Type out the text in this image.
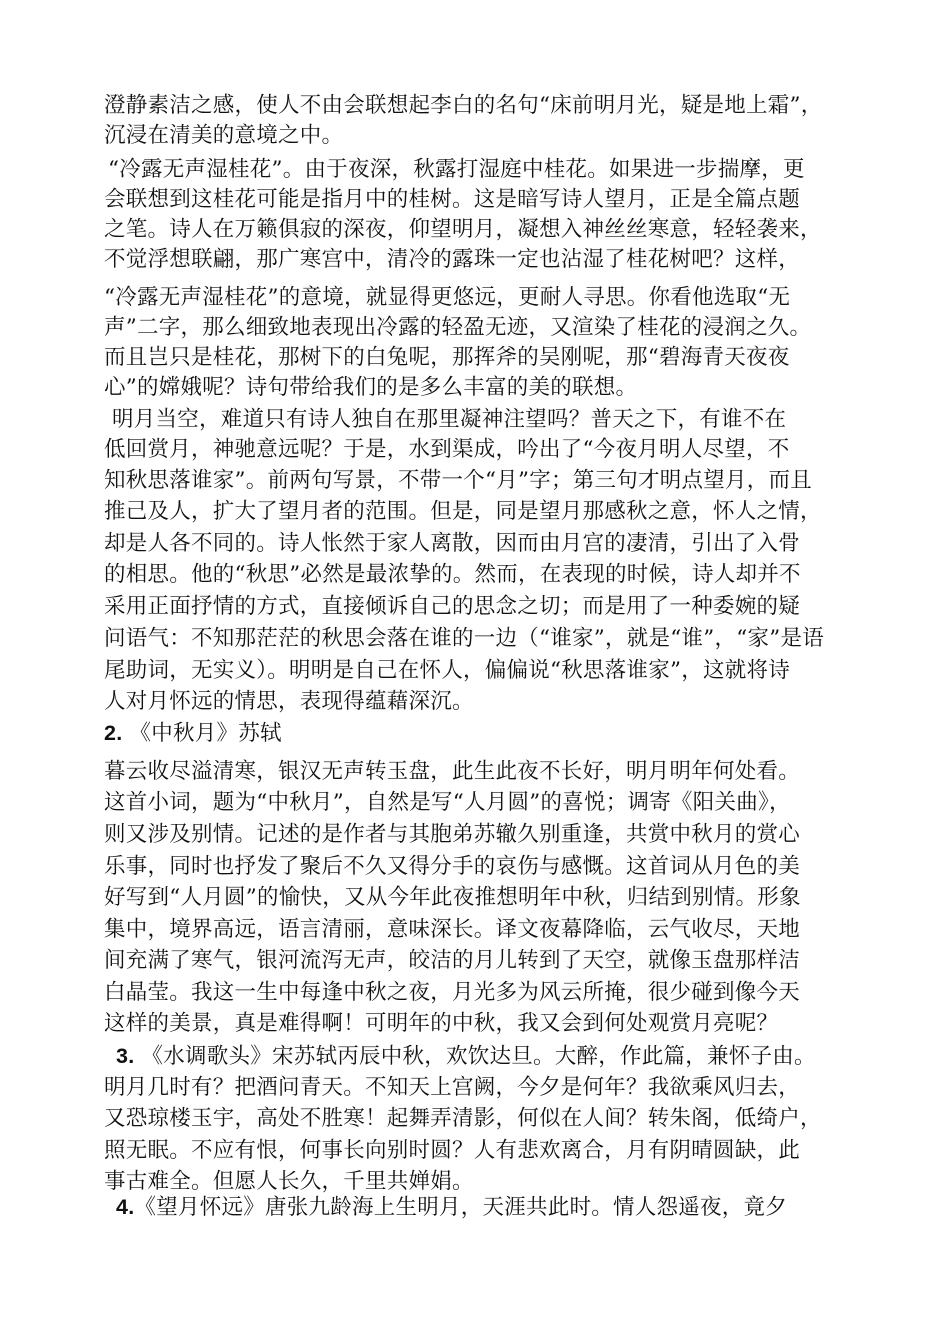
澄静素洁之感，使人不由会联想起李白的名句“床前明月光，疑是地上霜”，
沉浸在清美的意境之中。
“冷露无声湿桂花”。由于夜深，秋露打湿庭中桂花。如果进一步揣摩，更
会联想到这桂花可能是指月中的桂树。这是暗写诗人望月，正是全篇点题
之笔。诗人在万籁俱寂的深夜，仰望明月，凝想入神丝丝寒意，轻轻袭来，
不觉浮想联翩，那广寒宫中，清冷的露珠一定也沾湿了桂花树吧？这样，
“冷露无声湿桂花”的意境，就显得更悠远，更耐人寻思。你看他选取“无
声”二字，那么细致地表现出冷露的轻盈无迹，又渲染了桂花的浸润之久。
而且岂只是桂花，那树下的白兔呢，那挥斧的吴刚呢，那“碧海青天夜夜
心”的嫦娥呢？诗句带给我们的是多么丰富的美的联想。
明月当空，难道只有诗人独自在那里凝神注望吗？普天之下，有谁不在
低回赏月，神驰意远呢？于是，水到渠成，吟出了“今夜月明人尽望，不
知秋思落谁家”。前两句写景，不带一个“月”字；第三句才明点望月，而且
推己及人，扩大了望月者的范围。但是，同是望月那感秋之意，怀人之情，
却是人各不同的。诗人怅然于家人离散，因而由月宫的凄清，引出了入骨
的相思。他的“秋思”必然是最浓挚的。然而，在表现的时候，诗人却并不
采用正面抒情的方式，直接倾诉自己的思念之切；而是用了一种委婉的疑
问语气：不知那茫茫的秋思会落在谁的一边（“谁家”，就是“谁”，“家”是语
尾助词，无实义）。明明是自己在怀人，偏偏说“秋思落谁家”，这就将诗
人对月怀远的情思，表现得蕴藉深沉。
2. 《中秋月》苏轼
暮云收尽溢清寒，银汉无声转玉盘，此生此夜不长好，明月明年何处看。
这首小词，题为“中秋月”，自然是写“人月圆”的喜悦；调寄《阳关曲》，
则又涉及别情。记述的是作者与其胞弟苏辙久别重逢，共赏中秋月的赏心
乐事，同时也抒发了聚后不久又得分手的哀伤与感慨。这首词从月色的美
好写到“人月圆”的愉快，又从今年此夜推想明年中秋，归结到别情。形象
集中，境界高远，语言清丽，意味深长。译文夜幕降临，云气收尽，天地
间充满了寒气，银河流泻无声，皎洁的月儿转到了天空，就像玉盘那样洁
白晶莹。我这一生中每逢中秋之夜，月光多为风云所掩，很少碰到像今天
这样的美景，真是难得啊！可明年的中秋，我又会到何处观赏月亮呢？
3. 《水调歌头》宋苏轼丙辰中秋，欢饮达旦。大醉，作此篇，兼怀子由。
明月几时有？把酒问青天。不知天上宫阙，今夕是何年？我欲乘风归去，
又恐琼楼玉宇，高处不胜寒！起舞弄清影，何似在人间？转朱阁，低绮户，
照无眠。不应有恨，何事长向别时圆？人有悲欢离合，月有阴晴圆缺，此
事古难全。但愿人长久，千里共婵娟。
4.《望月怀远》唐张九龄海上生明月，天涯共此时。情人怨遥夜，竟夕
